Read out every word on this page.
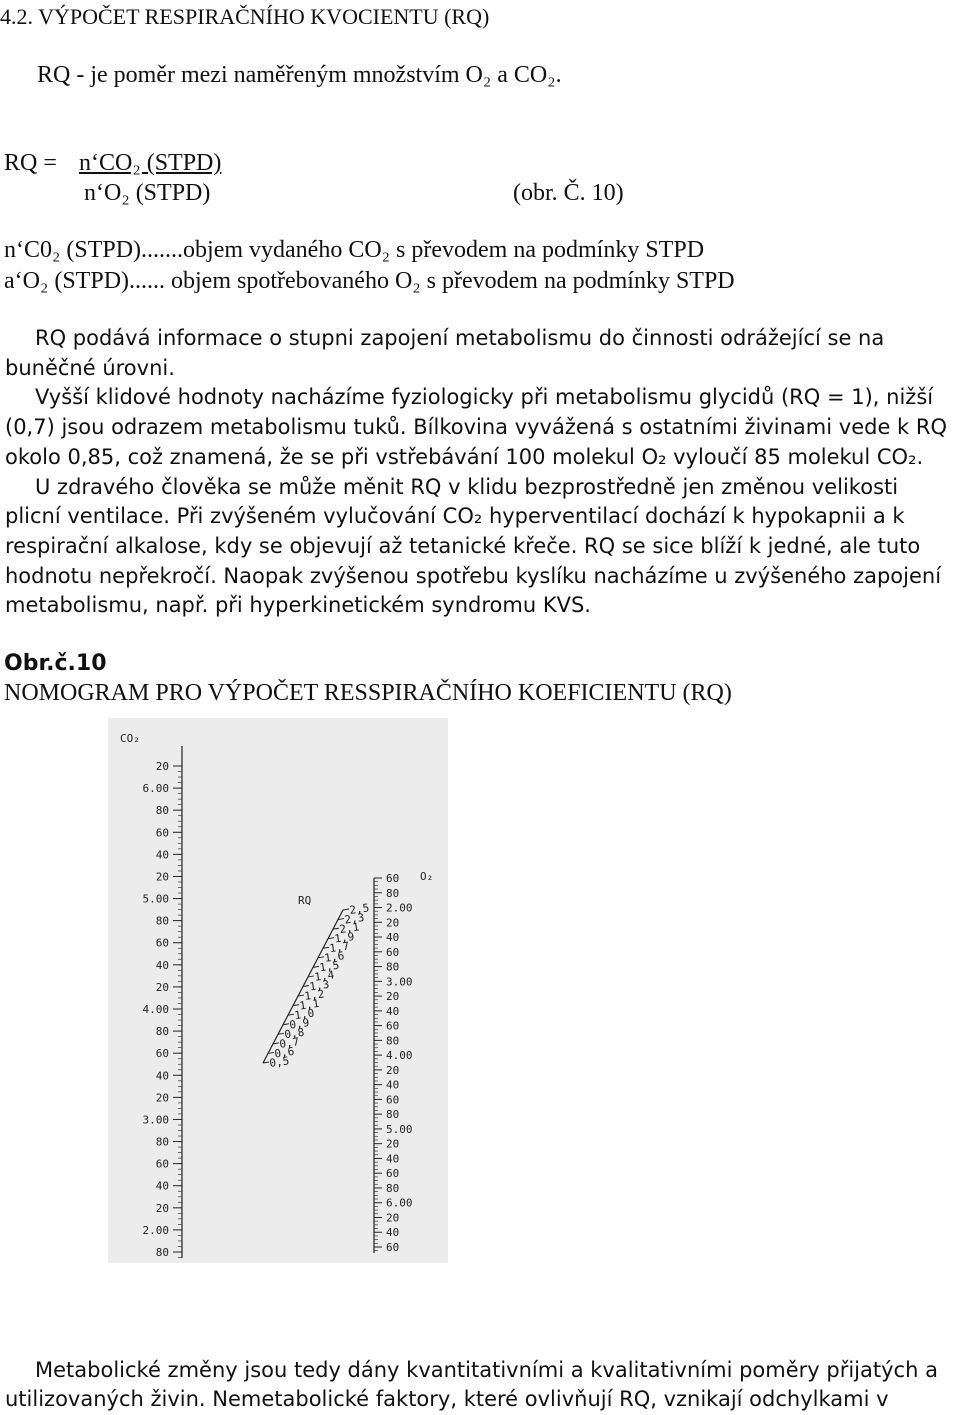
4.2. VÝPOČET RESPIRAČNÍHO KVOCIENTU (RQ)
RQ - je poměr mezi naměřeným množstvím O₂ a CO₂.
RQ = n‘CO₂ (STPD)
n‘O₂ (STPD)	(obr. Č. 10)
n‘C0₂ (STPD).......objem vydaného CO₂ s převodem na podmínky STPD
a‘O₂ (STPD)...... objem spotřebovaného O₂ s převodem na podmínky STPD

RQ podává informace o stupni zapojení metabolismu do činnosti odrážející se na buněčné úrovni.

Vyšší klidové hodnoty nacházíme fyziologicky při metabolismu glycidů (RQ = 1), nižší (0,7) jsou odrazem metabolismu tuků. Bílkovina vyvážená s ostatními živinami vede k RQ okolo 0,85, což znamená, že se při vstřebávání 100 molekul O₂ vyloučí 85 molekul CO₂.

U zdravého člověka se může měnit RQ v klidu bezprostředně jen změnou velikosti plicní ventilace. Při zvýšeném vylučování CO₂ hyperventilací dochází k hypokapnii a k respirační alkalose, kdy se objevují až tetanické křeče. RQ se sice blíží k jedné, ale tuto hodnotu nepřekročí. Naopak zvýšenou spotřebu kyslíku nacházíme u zvýšeného zapojení metabolismu, např. při hyperkinetickém syndromu KVS.

Obr.č.10
NOMOGRAM PRO VÝPOČET RESSPIRAČNÍHO KOEFICIENTU (RQ)
CO₂
20
6.00
80
60
40
20
5.00
80
60
40
20
4.00
80
60
40
20
3.00
80
60
40
20
2.00
80
RQ
2,5
2,3
2,1
1,9
1,7
1,6
1,5
1,4
1,3
1,2
1,1
1,0
0,9
0,8
0,7
0,6
0,5
O₂
60
80
2.00
20
40
60
80
3.00
20
40
60
80
4.00
20
40
60
80
5.00
20
40
60
80
6.00
20
40
60

Metabolické změny jsou tedy dány kvantitativními a kvalitativními poměry přijatých a utilizovaných živin. Nemetabolické faktory, které ovlivňují RQ, vznikají odchylkami v
